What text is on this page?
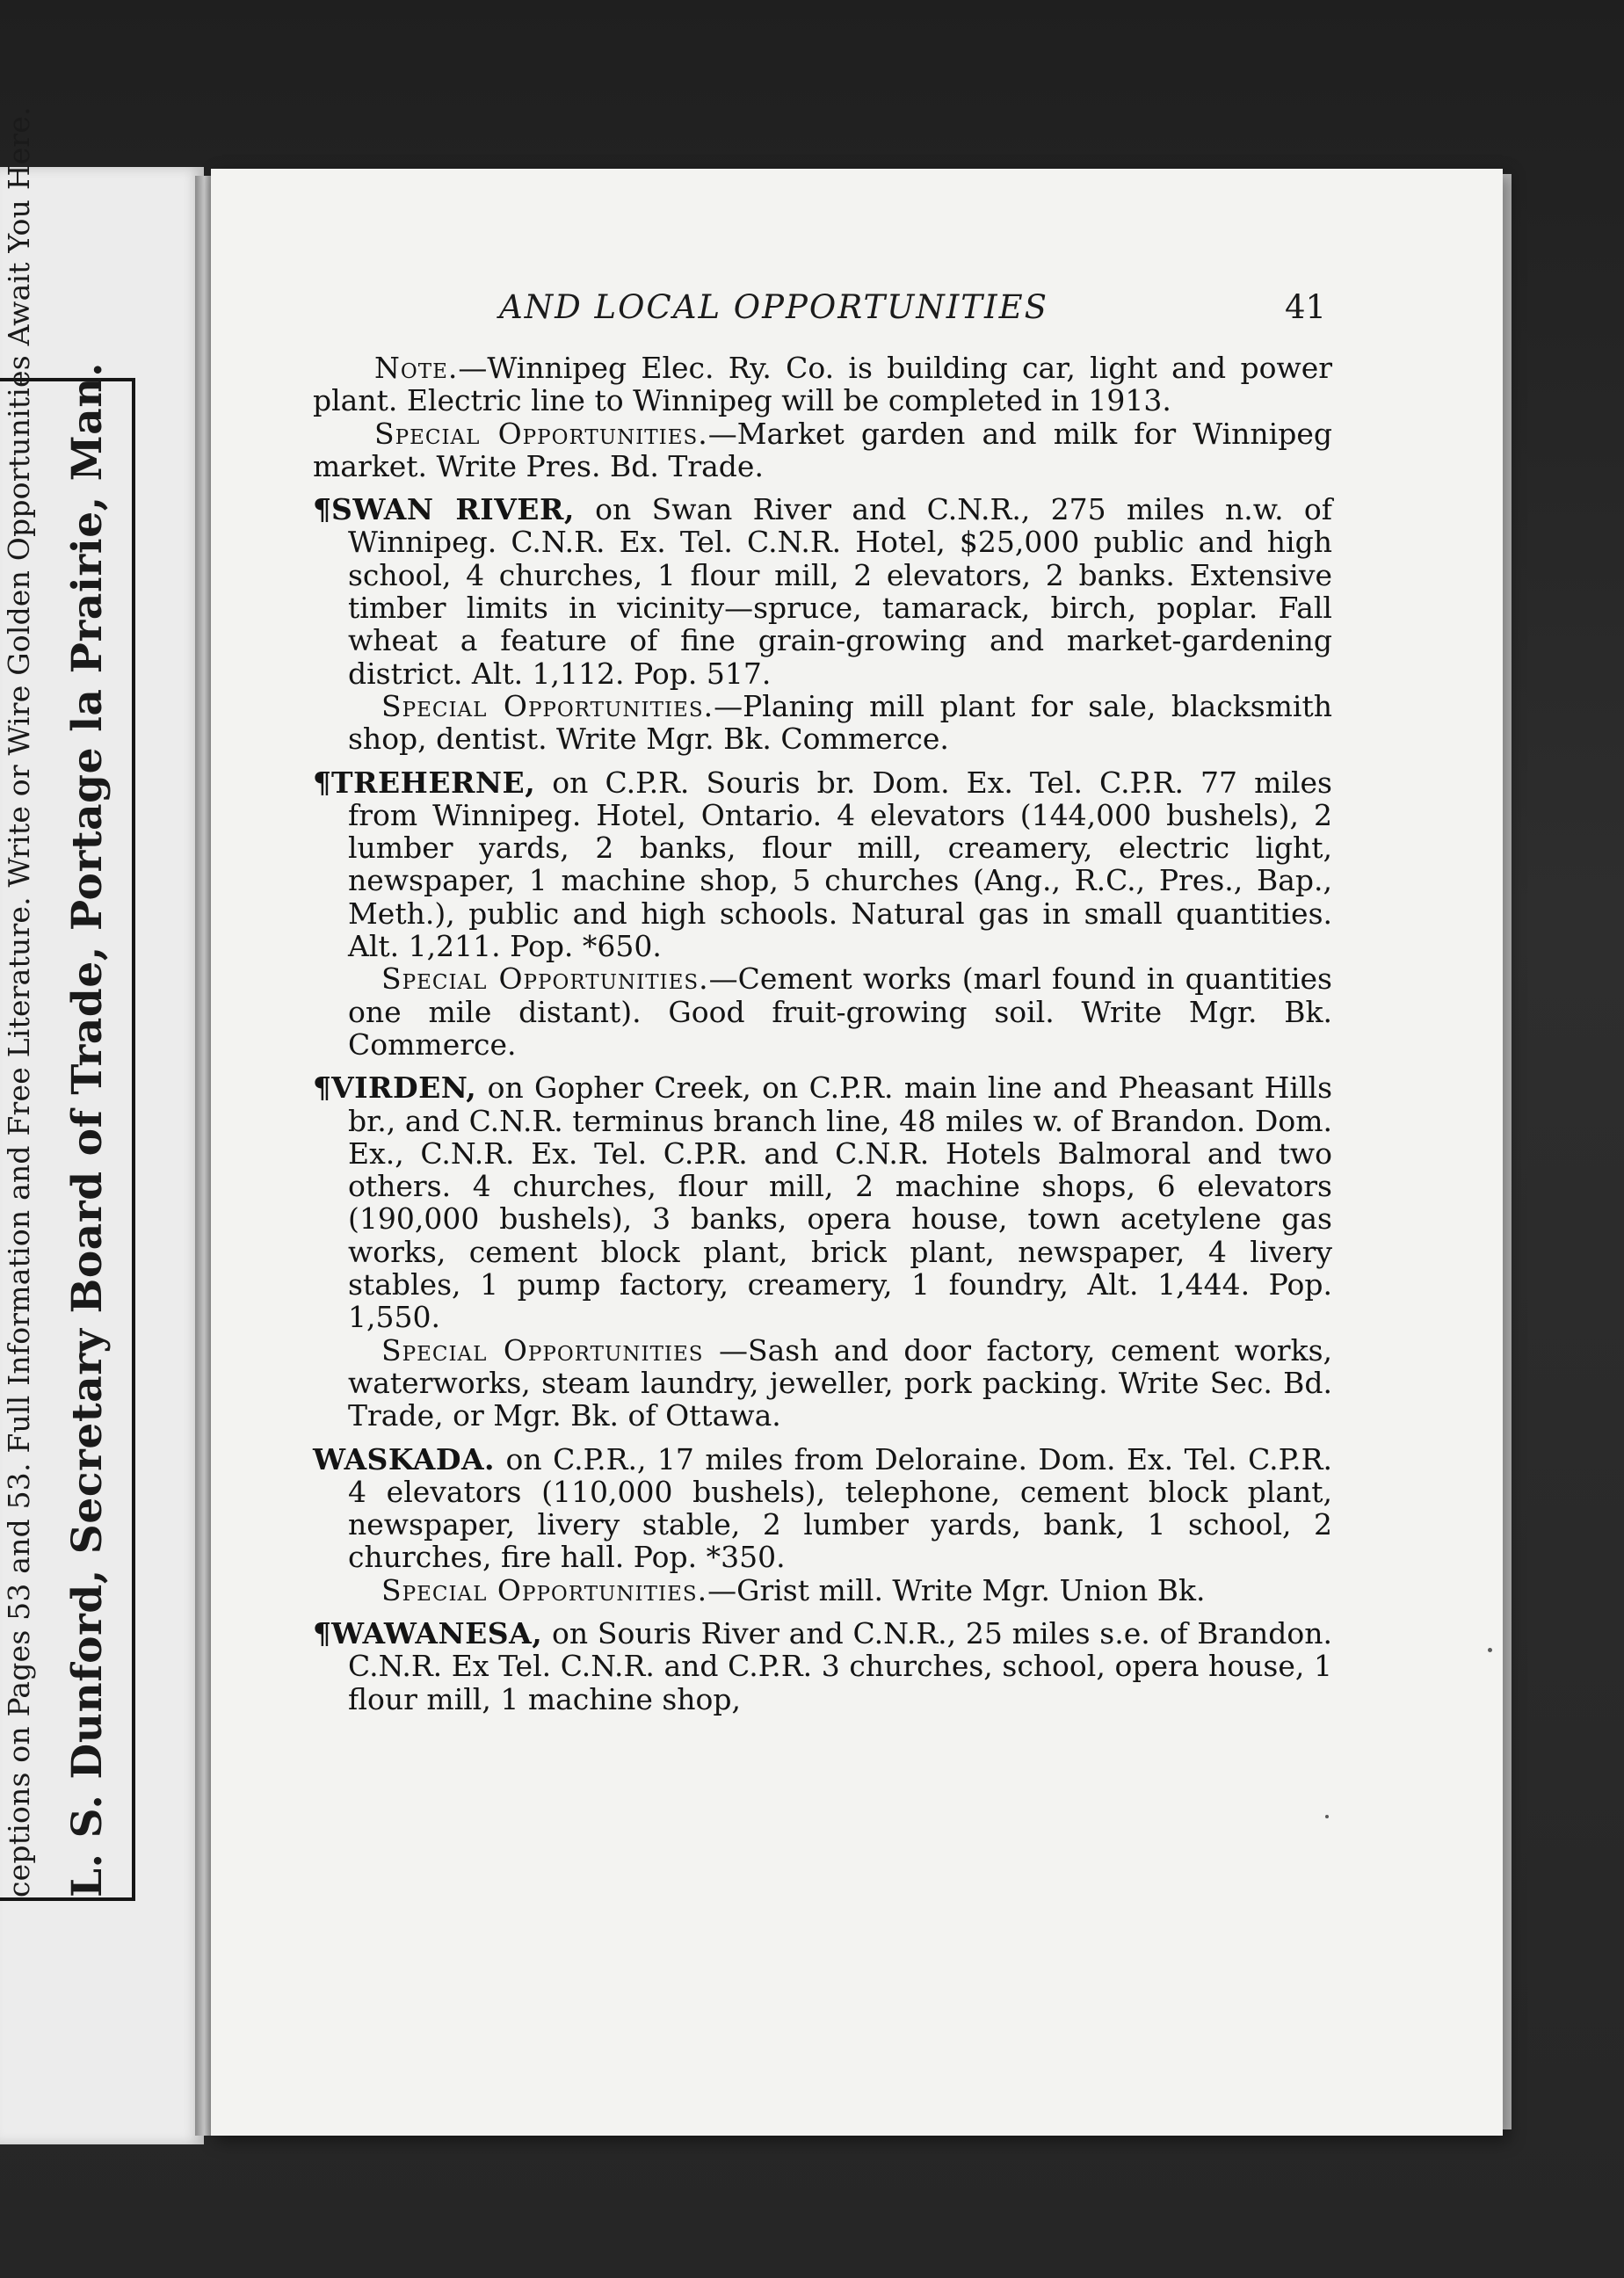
ceptions on Pages 53 and 53. Full Information and Free Literature. Write or Wire Golden Opportunities Await You Here. L. S. Dunford, Secretary Board of Trade, Portage la Prairie, Man.
AND LOCAL OPPORTUNITIES	41

Note.—Winnipeg Elec. Ry. Co. is building car, light and power plant. Electric line to Winnipeg will be completed in 1913.

Special Opportunities.—Market garden and milk for Winnipeg market. Write Pres. Bd. Trade.

¶SWAN RIVER, on Swan River and C.N.R., 275 miles n.w. of Winnipeg. C.N.R. Ex. Tel. C.N.R. Hotel, $25,000 public and high school, 4 churches, 1 flour mill, 2 elevators, 2 banks. Extensive timber limits in vicinity—spruce, tamarack, birch, poplar. Fall wheat a feature of fine grain-growing and market-gardening district. Alt. 1,112. Pop. 517.

Special Opportunities.—Planing mill plant for sale, blacksmith shop, dentist. Write Mgr. Bk. Commerce.

¶TREHERNE, on C.P.R. Souris br. Dom. Ex. Tel. C.P.R. 77 miles from Winnipeg. Hotel, Ontario. 4 elevators (144,000 bushels), 2 lumber yards, 2 banks, flour mill, creamery, electric light, newspaper, 1 machine shop, 5 churches (Ang., R.C., Pres., Bap., Meth.), public and high schools. Natural gas in small quantities. Alt. 1,211. Pop. *650.

Special Opportunities.—Cement works (marl found in quantities one mile distant). Good fruit-growing soil. Write Mgr. Bk. Commerce.

¶VIRDEN, on Gopher Creek, on C.P.R. main line and Pheasant Hills br., and C.N.R. terminus branch line, 48 miles w. of Brandon. Dom. Ex., C.N.R. Ex. Tel. C.P.R. and C.N.R. Hotels Balmoral and two others. 4 churches, flour mill, 2 machine shops, 6 elevators (190,000 bushels), 3 banks, opera house, town acetylene gas works, cement block plant, brick plant, newspaper, 4 livery stables, 1 pump factory, creamery, 1 foundry, Alt. 1,444. Pop. 1,550.

Special Opportunities —Sash and door factory, cement works, waterworks, steam laundry, jeweller, pork packing. Write Sec. Bd. Trade, or Mgr. Bk. of Ottawa.

WASKADA. on C.P.R., 17 miles from Deloraine. Dom. Ex. Tel. C.P.R. 4 elevators (110,000 bushels), telephone, cement block plant, newspaper, livery stable, 2 lumber yards, bank, 1 school, 2 churches, fire hall. Pop. *350.

Special Opportunities.—Grist mill. Write Mgr. Union Bk.

¶WAWANESA, on Souris River and C.N.R., 25 miles s.e. of Brandon. C.N.R. Ex Tel. C.N.R. and C.P.R. 3 churches, school, opera house, 1 flour mill, 1 machine shop,
